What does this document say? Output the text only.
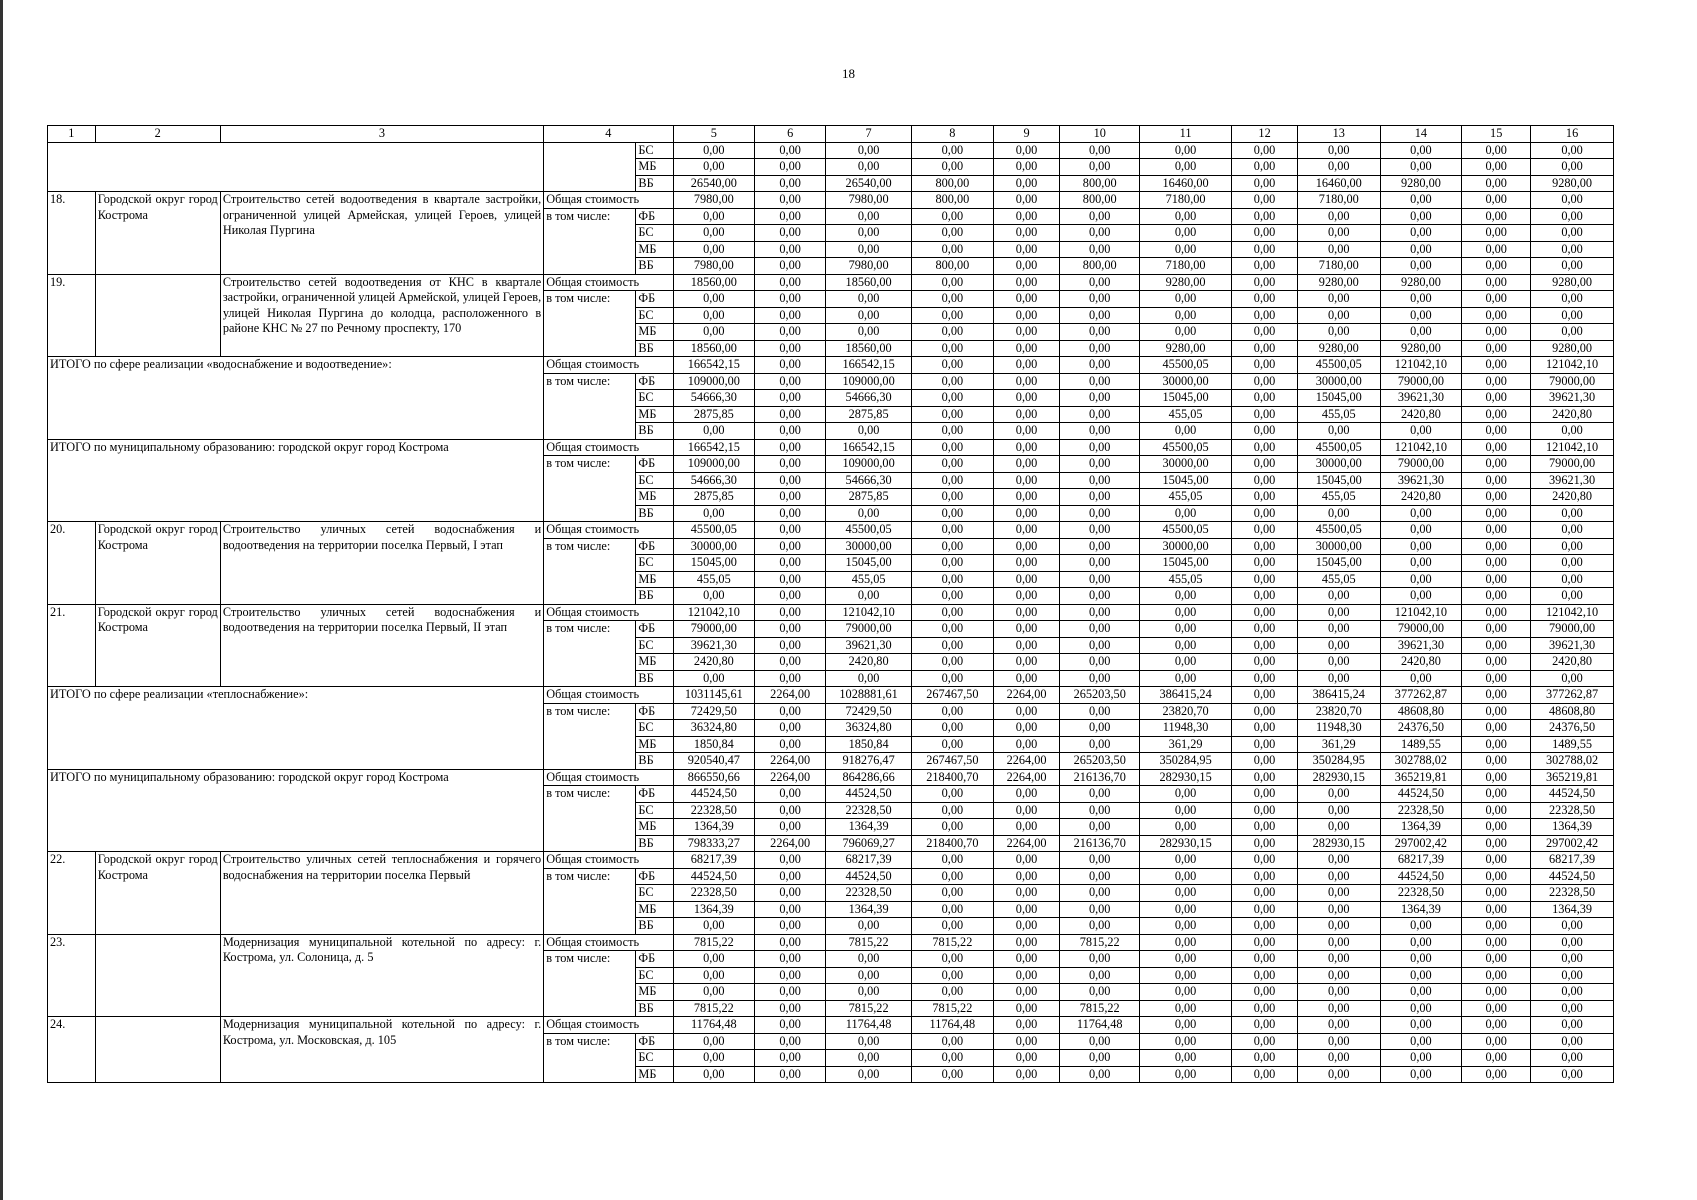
18
1	2	3	4		5	6	7	8	9	10	11	12	13	14	15	16
				БС	0,00	0,00	0,00	0,00	0,00	0,00	0,00	0,00	0,00	0,00	0,00	0,00
				МБ	0,00	0,00	0,00	0,00	0,00	0,00	0,00	0,00	0,00	0,00	0,00	0,00
				ВБ	26540,00	0,00	26540,00	800,00	0,00	800,00	16460,00	0,00	16460,00	9280,00	0,00	9280,00
18.	Городской округ город Кострома	Строительство сетей водоотведения в квартале застройки, ограниченной улицей Армейская, улицей Героев, улицей Николая Пургина	Общая стоимость		7980,00	0,00	7980,00	800,00	0,00	800,00	7180,00	0,00	7180,00	0,00	0,00	0,00
			в том числе:	ФБ	0,00	0,00	0,00	0,00	0,00	0,00	0,00	0,00	0,00	0,00	0,00	0,00
				БС	0,00	0,00	0,00	0,00	0,00	0,00	0,00	0,00	0,00	0,00	0,00	0,00
				МБ	0,00	0,00	0,00	0,00	0,00	0,00	0,00	0,00	0,00	0,00	0,00	0,00
				ВБ	7980,00	0,00	7980,00	800,00	0,00	800,00	7180,00	0,00	7180,00	0,00	0,00	0,00
19.		Строительство сетей водоотведения от КНС в квартале застройки, ограниченной улицей Армейской, улицей Героев, улицей Николая Пургина до колодца, расположенного в районе КНС № 27 по Речному проспекту, 170	Общая стоимость		18560,00	0,00	18560,00	0,00	0,00	0,00	9280,00	0,00	9280,00	9280,00	0,00	9280,00
			в том числе:	ФБ	0,00	0,00	0,00	0,00	0,00	0,00	0,00	0,00	0,00	0,00	0,00	0,00
				БС	0,00	0,00	0,00	0,00	0,00	0,00	0,00	0,00	0,00	0,00	0,00	0,00
				МБ	0,00	0,00	0,00	0,00	0,00	0,00	0,00	0,00	0,00	0,00	0,00	0,00
				ВБ	18560,00	0,00	18560,00	0,00	0,00	0,00	9280,00	0,00	9280,00	9280,00	0,00	9280,00
ИТОГО по сфере реализации «водоснабжение и водоотведение»:			Общая стоимость		166542,15	0,00	166542,15	0,00	0,00	0,00	45500,05	0,00	45500,05	121042,10	0,00	121042,10
			в том числе:	ФБ	109000,00	0,00	109000,00	0,00	0,00	0,00	30000,00	0,00	30000,00	79000,00	0,00	79000,00
				БС	54666,30	0,00	54666,30	0,00	0,00	0,00	15045,00	0,00	15045,00	39621,30	0,00	39621,30
				МБ	2875,85	0,00	2875,85	0,00	0,00	0,00	455,05	0,00	455,05	2420,80	0,00	2420,80
				ВБ	0,00	0,00	0,00	0,00	0,00	0,00	0,00	0,00	0,00	0,00	0,00	0,00
ИТОГО по муниципальному образованию: городской округ город Кострома			Общая стоимость		166542,15	0,00	166542,15	0,00	0,00	0,00	45500,05	0,00	45500,05	121042,10	0,00	121042,10
			в том числе:	ФБ	109000,00	0,00	109000,00	0,00	0,00	0,00	30000,00	0,00	30000,00	79000,00	0,00	79000,00
				БС	54666,30	0,00	54666,30	0,00	0,00	0,00	15045,00	0,00	15045,00	39621,30	0,00	39621,30
				МБ	2875,85	0,00	2875,85	0,00	0,00	0,00	455,05	0,00	455,05	2420,80	0,00	2420,80
				ВБ	0,00	0,00	0,00	0,00	0,00	0,00	0,00	0,00	0,00	0,00	0,00	0,00
20.	Городской округ город Кострома	Строительство уличных сетей водоснабжения и водоотведения на территории поселка Первый, I этап	Общая стоимость		45500,05	0,00	45500,05	0,00	0,00	0,00	45500,05	0,00	45500,05	0,00	0,00	0,00
			в том числе:	ФБ	30000,00	0,00	30000,00	0,00	0,00	0,00	30000,00	0,00	30000,00	0,00	0,00	0,00
				БС	15045,00	0,00	15045,00	0,00	0,00	0,00	15045,00	0,00	15045,00	0,00	0,00	0,00
				МБ	455,05	0,00	455,05	0,00	0,00	0,00	455,05	0,00	455,05	0,00	0,00	0,00
				ВБ	0,00	0,00	0,00	0,00	0,00	0,00	0,00	0,00	0,00	0,00	0,00	0,00
21.	Городской округ город Кострома	Строительство уличных сетей водоснабжения и водоотведения на территории поселка Первый, II этап	Общая стоимость		121042,10	0,00	121042,10	0,00	0,00	0,00	0,00	0,00	0,00	121042,10	0,00	121042,10
			в том числе:	ФБ	79000,00	0,00	79000,00	0,00	0,00	0,00	0,00	0,00	0,00	79000,00	0,00	79000,00
				БС	39621,30	0,00	39621,30	0,00	0,00	0,00	0,00	0,00	0,00	39621,30	0,00	39621,30
				МБ	2420,80	0,00	2420,80	0,00	0,00	0,00	0,00	0,00	0,00	2420,80	0,00	2420,80
				ВБ	0,00	0,00	0,00	0,00	0,00	0,00	0,00	0,00	0,00	0,00	0,00	0,00
ИТОГО по сфере реализации «теплоснабжение»:			Общая стоимость		1031145,61	2264,00	1028881,61	267467,50	2264,00	265203,50	386415,24	0,00	386415,24	377262,87	0,00	377262,87
			в том числе:	ФБ	72429,50	0,00	72429,50	0,00	0,00	0,00	23820,70	0,00	23820,70	48608,80	0,00	48608,80
				БС	36324,80	0,00	36324,80	0,00	0,00	0,00	11948,30	0,00	11948,30	24376,50	0,00	24376,50
				МБ	1850,84	0,00	1850,84	0,00	0,00	0,00	361,29	0,00	361,29	1489,55	0,00	1489,55
				ВБ	920540,47	2264,00	918276,47	267467,50	2264,00	265203,50	350284,95	0,00	350284,95	302788,02	0,00	302788,02
ИТОГО по муниципальному образованию: городской округ город Кострома			Общая стоимость		866550,66	2264,00	864286,66	218400,70	2264,00	216136,70	282930,15	0,00	282930,15	365219,81	0,00	365219,81
			в том числе:	ФБ	44524,50	0,00	44524,50	0,00	0,00	0,00	0,00	0,00	0,00	44524,50	0,00	44524,50
				БС	22328,50	0,00	22328,50	0,00	0,00	0,00	0,00	0,00	0,00	22328,50	0,00	22328,50
				МБ	1364,39	0,00	1364,39	0,00	0,00	0,00	0,00	0,00	0,00	1364,39	0,00	1364,39
				ВБ	798333,27	2264,00	796069,27	218400,70	2264,00	216136,70	282930,15	0,00	282930,15	297002,42	0,00	297002,42
22.	Городской округ город Кострома	Строительство уличных сетей теплоснабжения и горячего водоснабжения на территории поселка Первый	Общая стоимость		68217,39	0,00	68217,39	0,00	0,00	0,00	0,00	0,00	0,00	68217,39	0,00	68217,39
			в том числе:	ФБ	44524,50	0,00	44524,50	0,00	0,00	0,00	0,00	0,00	0,00	44524,50	0,00	44524,50
				БС	22328,50	0,00	22328,50	0,00	0,00	0,00	0,00	0,00	0,00	22328,50	0,00	22328,50
				МБ	1364,39	0,00	1364,39	0,00	0,00	0,00	0,00	0,00	0,00	1364,39	0,00	1364,39
				ВБ	0,00	0,00	0,00	0,00	0,00	0,00	0,00	0,00	0,00	0,00	0,00	0,00
23.		Модернизация муниципальной котельной по адресу: г. Кострома, ул. Солоница, д. 5	Общая стоимость		7815,22	0,00	7815,22	7815,22	0,00	7815,22	0,00	0,00	0,00	0,00	0,00	0,00
			в том числе:	ФБ	0,00	0,00	0,00	0,00	0,00	0,00	0,00	0,00	0,00	0,00	0,00	0,00
				БС	0,00	0,00	0,00	0,00	0,00	0,00	0,00	0,00	0,00	0,00	0,00	0,00
				МБ	0,00	0,00	0,00	0,00	0,00	0,00	0,00	0,00	0,00	0,00	0,00	0,00
				ВБ	7815,22	0,00	7815,22	7815,22	0,00	7815,22	0,00	0,00	0,00	0,00	0,00	0,00
24.		Модернизация муниципальной котельной по адресу: г. Кострома, ул. Московская, д. 105	Общая стоимость		11764,48	0,00	11764,48	11764,48	0,00	11764,48	0,00	0,00	0,00	0,00	0,00	0,00
			в том числе:	ФБ	0,00	0,00	0,00	0,00	0,00	0,00	0,00	0,00	0,00	0,00	0,00	0,00
				БС	0,00	0,00	0,00	0,00	0,00	0,00	0,00	0,00	0,00	0,00	0,00	0,00
				МБ	0,00	0,00	0,00	0,00	0,00	0,00	0,00	0,00	0,00	0,00	0,00	0,00
